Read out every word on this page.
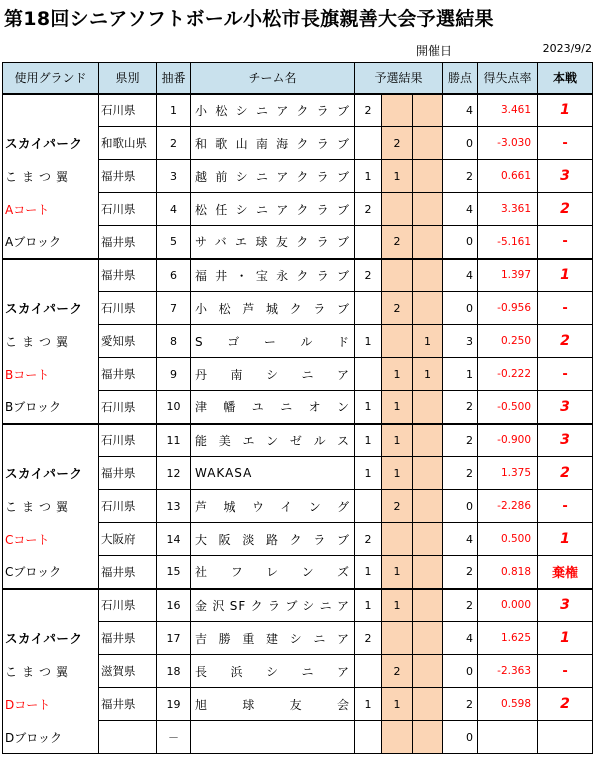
第18回シニアソフトボール小松市長旗親善大会予選結果
開催日	2023/9/2
使用グランド	県別	抽番	チーム名	予選結果			勝点	得失点率	本戦
	石川県	1	小松シニアクラブ	2			4	3.461	1
スカイパーク	和歌山県	2	和歌山南海クラブ		2		0	-3.030	-
こまつ翼	福井県	3	越前シニアクラブ	1	1		2	0.661	3
Aコート	石川県	4	松任シニアクラブ	2			4	3.361	2
Aブロック	福井県	5	サバエ球友クラブ		2		0	-5.161	-
	福井県	6	福井・宝永クラブ	2			4	1.397	1
スカイパーク	石川県	7	小松芦城クラブ		2		0	-0.956	-
こまつ翼	愛知県	8	Sゴールド	1		1	3	0.250	2
Bコート	福井県	9	丹南シニア		1	1	1	-0.222	-
Bブロック	石川県	10	津幡ユニオン	1	1		2	-0.500	3
	石川県	11	能美エンゼルス	1	1		2	-0.900	3
スカイパーク	福井県	12	WAKASA	1	1		2	1.375	2
こまつ翼	石川県	13	芦城ウイング		2		0	-2.286	-
Cコート	大阪府	14	大阪淡路クラブ	2			4	0.500	1
Cブロック	福井県	15	社フレンズ	1	1		2	0.818	棄権
	石川県	16	金沢SFクラブシニア	1	1		2	0.000	3
スカイパーク	福井県	17	吉勝重建シニア	2			4	1.625	1
こまつ翼	滋賀県	18	長浜シニア		2		0	-2.363	-
Dコート	福井県	19	旭球友会	1	1		2	0.598	2
Dブロック		－					0		
